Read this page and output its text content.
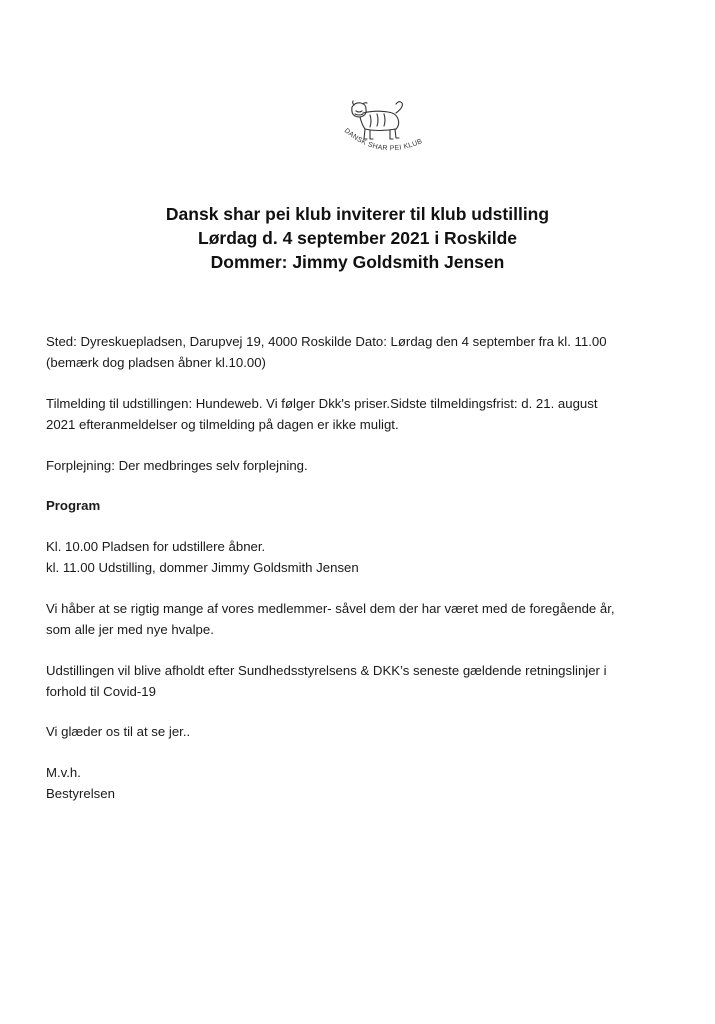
DANSK SHAR PEI KLUB
Dansk shar pei klub inviterer til klub udstilling
Lørdag d. 4 september 2021 i Roskilde
Dommer: Jimmy Goldsmith Jensen

Sted: Dyreskuepladsen, Darupvej 19, 4000 Roskilde Dato: Lørdag den 4 september fra kl. 11.00

(bemærk dog pladsen åbner kl.10.00)

Tilmelding til udstillingen: Hundeweb. Vi følger Dkk's priser.Sidste tilmeldingsfrist: d. 21. august

2021 efteranmeldelser og tilmelding på dagen er ikke muligt.

Forplejning: Der medbringes selv forplejning.

Program

Kl. 10.00 Pladsen for udstillere åbner.

kl. 11.00 Udstilling, dommer Jimmy Goldsmith Jensen

Vi håber at se rigtig mange af vores medlemmer- såvel dem der har været med de foregående år,

som alle jer med nye hvalpe.

Udstillingen vil blive afholdt efter Sundhedsstyrelsens & DKK’s seneste gældende retningslinjer i

forhold til Covid-19

Vi glæder os til at se jer..

M.v.h.

Bestyrelsen
